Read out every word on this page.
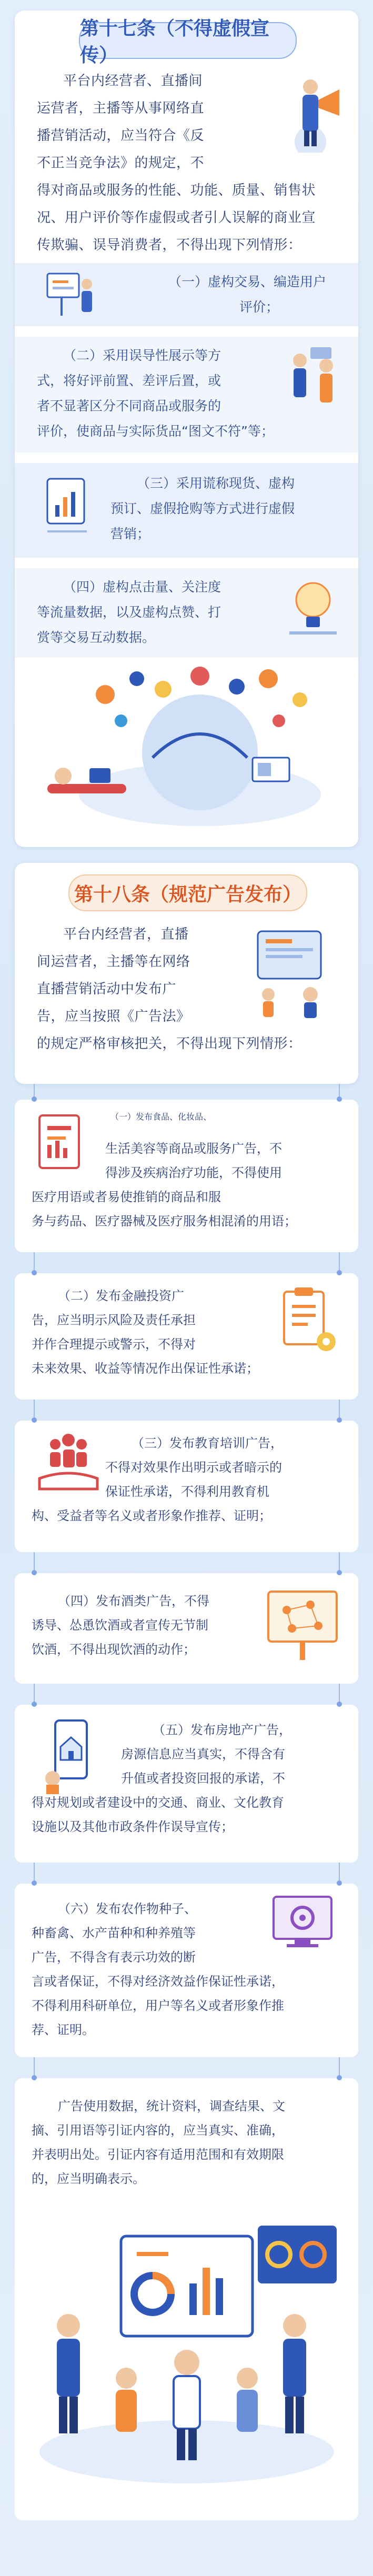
第十七条（不得虚假宣传）
平台内经营者、直播间
运营者，主播等从事网络直
播营销活动，应当符合《反
不正当竞争法》的规定，不
得对商品或服务的性能、功能、质量、销售状
况、用户评价等作虚假或者引人误解的商业宣
传欺骗、误导消费者，不得出现下列情形：
（一）虚构交易、编造用户
评价；
（二）采用误导性展示等方
式，将好评前置、差评后置，或
者不显著区分不同商品或服务的
评价，使商品与实际货品“图文不符”等；
（三）采用谎称现货、虚构
预订、虚假抢购等方式进行虚假
营销；
（四）虚构点击量、关注度
等流量数据，以及虚构点赞、打
赏等交易互动数据。
第十八条（规范广告发布）
平台内经营者，直播
间运营者，主播等在网络
直播营销活动中发布广
告，应当按照《广告法》
的规定严格审核把关，不得出现下列情形：
（一）发布食品、化妆品、
生活美容等商品或服务广告，不
得涉及疾病治疗功能，不得使用
医疗用语或者易使推销的商品和服
务与药品、医疗器械及医疗服务相混淆的用语；
（二）发布金融投资广
告，应当明示风险及责任承担
并作合理提示或警示，不得对
未来效果、收益等情况作出保证性承诺；
（三）发布教育培训广告，
不得对效果作出明示或者暗示的
保证性承诺，不得利用教育机
构、受益者等名义或者形象作推荐、证明；
（四）发布酒类广告，不得
诱导、怂恿饮酒或者宣传无节制
饮酒，不得出现饮酒的动作；
（五）发布房地产广告，
房源信息应当真实，不得含有
升值或者投资回报的承诺，不
得对规划或者建设中的交通、商业、文化教育
设施以及其他市政条件作误导宣传；
（六）发布农作物种子、
种畜禽、水产苗种和种养殖等
广告，不得含有表示功效的断
言或者保证，不得对经济效益作保证性承诺，
不得利用科研单位，用户等名义或者形象作推
荐、证明。
广告使用数据，统计资料，调查结果、文
摘、引用语等引证内容的，应当真实、准确，
并表明出处。引证内容有适用范围和有效期限
的，应当明确表示。
